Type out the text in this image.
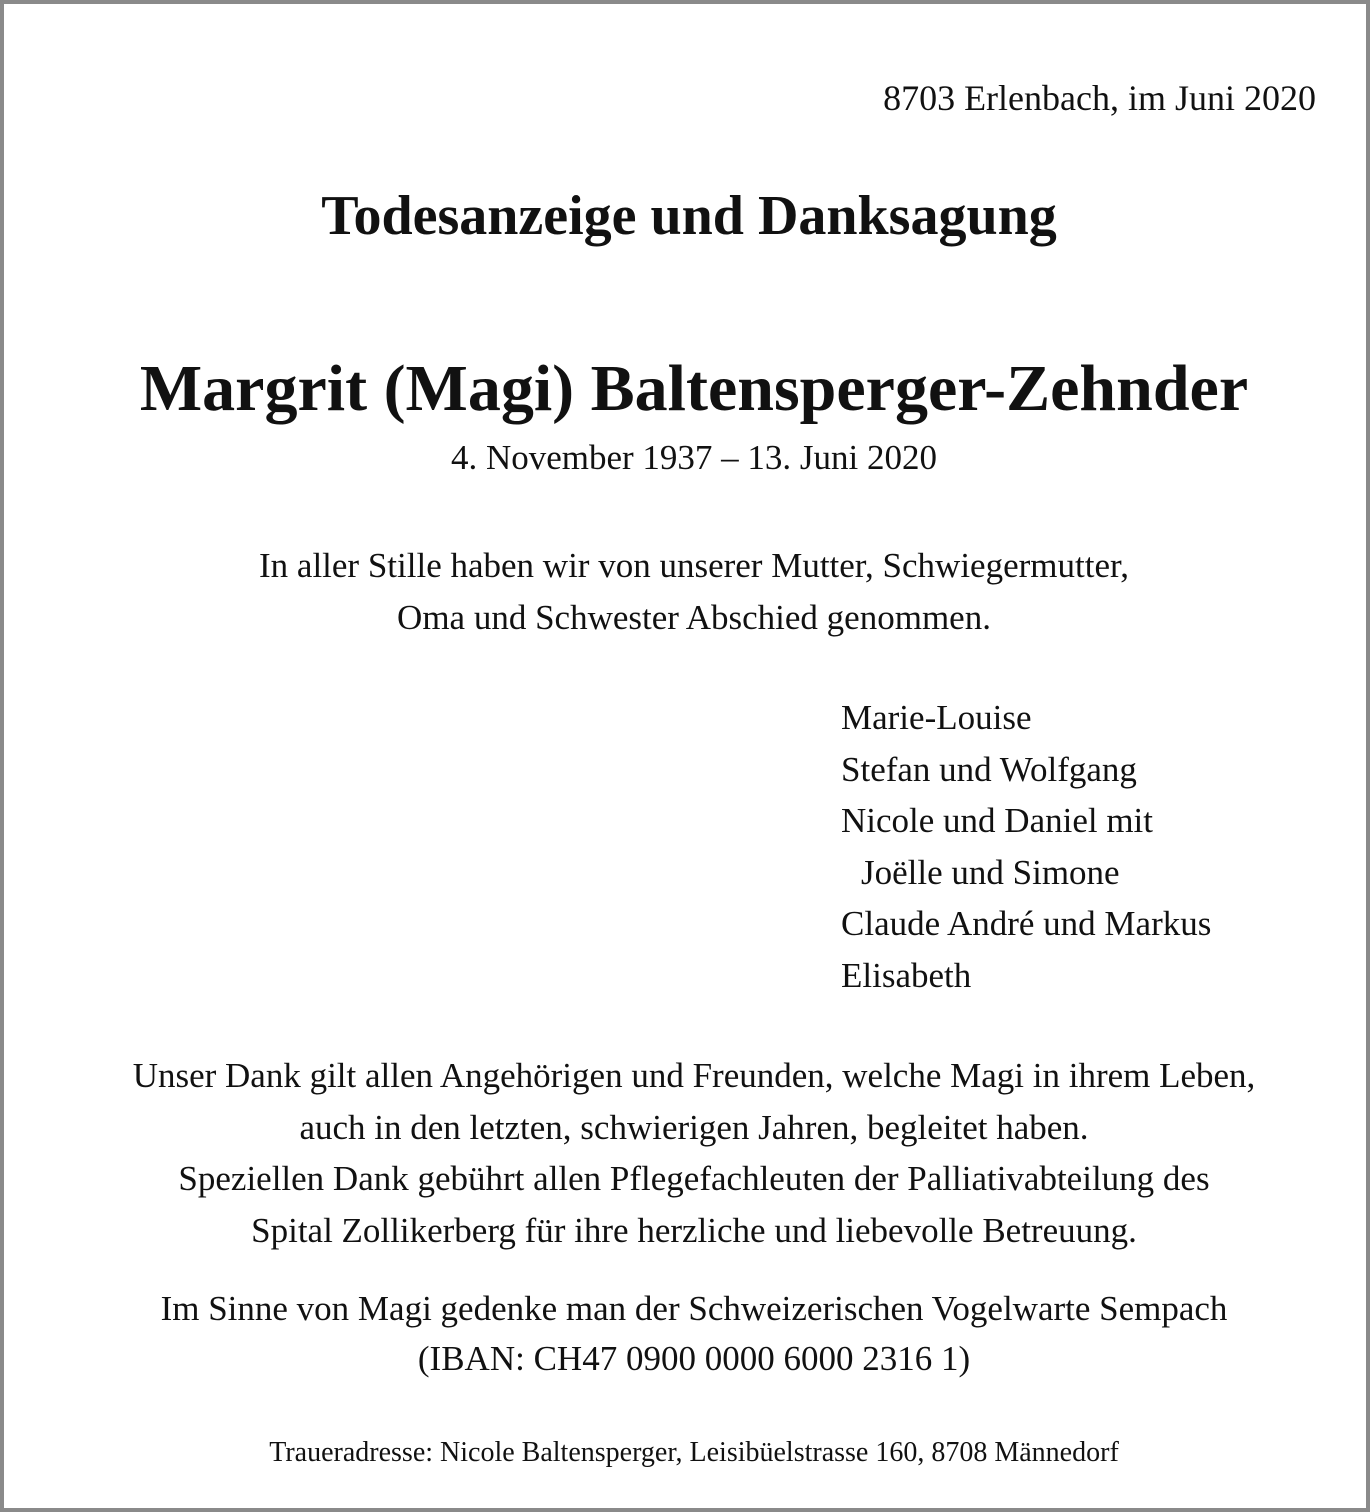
8703 Erlenbach, im Juni 2020
Todesanzeige und Danksagung
Margrit (Magi) Baltensperger-Zehnder
4. November 1937 – 13. Juni 2020
In aller Stille haben wir von unserer Mutter, Schwiegermutter,
Oma und Schwester Abschied genommen.
Marie-Louise
Stefan und Wolfgang
Nicole und Daniel mit
Joëlle und Simone
Claude André und Markus
Elisabeth
Unser Dank gilt allen Angehörigen und Freunden, welche Magi in ihrem Leben,
auch in den letzten, schwierigen Jahren, begleitet haben.
Speziellen Dank gebührt allen Pflegefachleuten der Palliativabteilung des
Spital Zollikerberg für ihre herzliche und liebevolle Betreuung.
Im Sinne von Magi gedenke man der Schweizerischen Vogelwarte Sempach
(IBAN: CH47 0900 0000 6000 2316 1)
Traueradresse: Nicole Baltensperger, Leisibüelstrasse 160, 8708 Männedorf
